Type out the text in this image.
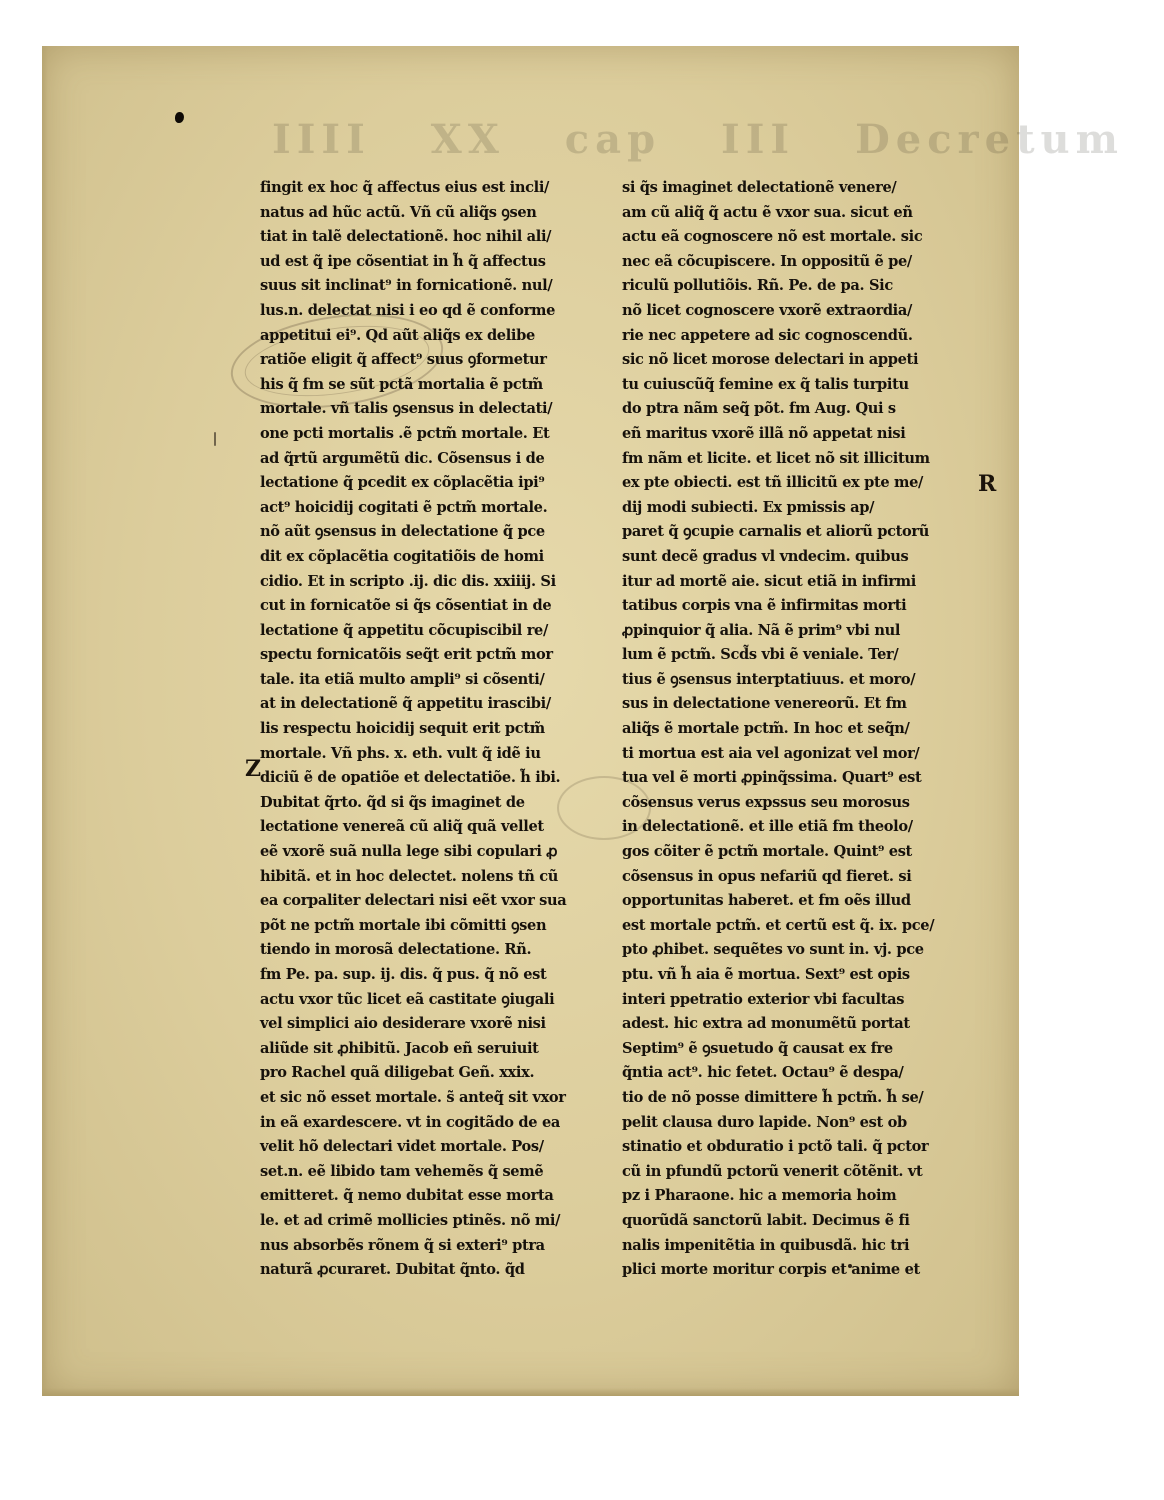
IIII XX cap III Decretum
Z
R
fingit ex hoc q̃ affectus eius est incli/
natus ad hũc actũ. Vñ cũ aliq̃s ꝯsen
tiat in talẽ delectationẽ. hoc nihil ali/
ud est q̃ ipe cõsentiat in h̃ q̃ affectus
suus sit inclinat⁹ in fornicationẽ. nul/
lus.n. delectat nisi i eo qd ẽ conforme
appetitui ei⁹. Qd aũt aliq̃s ex delibe
ratiõe eligit q̃ affect⁹ suus ꝯformetur
his q̃ fm se sũt pctã mortalia ẽ pctm̃
mortale. vñ talis ꝯsensus in delectati/
one pcti mortalis .ẽ pctm̃ mortale. Et
ad q̃rtũ argumẽtũ dic. Cõsensus i de
lectatione q̃ pcedit ex cõplacẽtia ipi⁹
act⁹ hoicidij cogitati ẽ pctm̃ mortale.
nõ aũt ꝯsensus in delectatione q̃ pce
dit ex cõplacẽtia cogitatiõis de homi
cidio. Et in scripto .ij. dic dis. xxiiij. Si
cut in fornicatõe si q̃s cõsentiat in de
lectatione q̃ appetitu cõcupiscibil re/
spectu fornicatõis seq̃t erit pctm̃ mor
tale. ita etiã multo ampli⁹ si cõsenti/
at in delectationẽ q̃ appetitu irascibi/
lis respectu hoicidij sequit erit pctm̃
mortale. Vñ phs. x. eth. vult q̃ idẽ iu
diciũ ẽ de opatiõe et delectatiõe. h̃ ibi.
Dubitat q̃rto. q̃d si q̃s imaginet de
lectatione venereã cũ aliq̃ quã vellet
eẽ vxorẽ suã nulla lege sibi copulari ꝓ
hibitã. et in hoc delectet. nolens tñ cũ
ea corpaliter delectari nisi eẽt vxor sua
põt ne pctm̃ mortale ibi cõmitti ꝯsen
tiendo in morosã delectatione. Rñ.
fm Pe. pa. sup. ij. dis. q̃ pus. q̃ nõ est
actu vxor tũc licet eã castitate ꝯiugali
vel simplici aio desiderare vxorẽ nisi
aliũde sit ꝓhibitũ. Jacob eñ seruiuit
pro Rachel quã diligebat Geñ. xxix.
et sic nõ esset mortale. s̃ anteq̃ sit vxor
in eã exardescere. vt in cogitãdo de ea
velit hõ delectari videt mortale. Pos/
set.n. eẽ libido tam vehemẽs q̃ semẽ
emitteret. q̃ nemo dubitat esse morta
le. et ad crimẽ mollicies ptinẽs. nõ mi/
nus absorbẽs rõnem q̃ si exteri⁹ ptra
naturã ꝓcuraret. Dubitat q̃nto. q̃d
si q̃s imaginet delectationẽ venere/
am cũ aliq̃ q̃ actu ẽ vxor sua. sicut eñ
actu eã cognoscere nõ est mortale. sic
nec eã cõcupiscere. In oppositũ ẽ pe/
riculũ pollutiõis. Rñ. Pe. de pa. Sic
nõ licet cognoscere vxorẽ extraordia/
rie nec appetere ad sic cognoscendũ.
sic nõ licet morose delectari in appeti
tu cuiuscũq̃ femine ex q̃ talis turpitu
do ptra nãm seq̃ põt. fm Aug. Qui s
eñ maritus vxorẽ illã nõ appetat nisi
fm nãm et licite. et licet nõ sit illicitum
ex pte obiecti. est tñ illicitũ ex pte me/
dij modi subiecti. Ex pmissis ap/
paret q̃ ꝯcupie carnalis et aliorũ pctorũ
sunt decẽ gradus vl vndecim. quibus
itur ad mortẽ aie. sicut etiã in infirmi
tatibus corpis vna ẽ infirmitas morti
ꝓpinquior q̃ alia. Nã ẽ prim⁹ vbi nul
lum ẽ pctm̃. Scd̃s vbi ẽ veniale. Ter/
tius ẽ ꝯsensus interptatiuus. et moro/
sus in delectatione venereorũ. Et fm
aliq̃s ẽ mortale pctm̃. In hoc et seq̃n/
ti mortua est aia vel agonizat vel mor/
tua vel ẽ morti ꝓpinq̃ssima. Quart⁹ est
cõsensus verus expssus seu morosus
in delectationẽ. et ille etiã fm theolo/
gos cõiter ẽ pctm̃ mortale. Quint⁹ est
cõsensus in opus nefariũ qd fieret. si
opportunitas haberet. et fm oẽs illud
est mortale pctm̃. et certũ est q̃. ix. pce/
pto ꝓhibet. sequẽtes vo sunt in. vj. pce
ptu. vñ h̃ aia ẽ mortua. Sext⁹ est opis
interi ppetratio exterior vbi facultas
adest. hic extra ad monumẽtũ portat
Septim⁹ ẽ ꝯsuetudo q̃ causat ex fre
q̃ntia act⁹. hic fetet. Octau⁹ ẽ despa/
tio de nõ posse dimittere h̃ pctm̃. h̃ se/
pelit clausa duro lapide. Non⁹ est ob
stinatio et obduratio i pctõ tali. q̃ pctor
cũ in pfundũ pctorũ venerit cõtẽnit. vt
pz i Pharaone. hic a memoria hoim
quorũdã sanctorũ labit. Decimus ẽ fi
nalis impenitẽtia in quibusdã. hic tri
plici morte moritur corpis et anime et
